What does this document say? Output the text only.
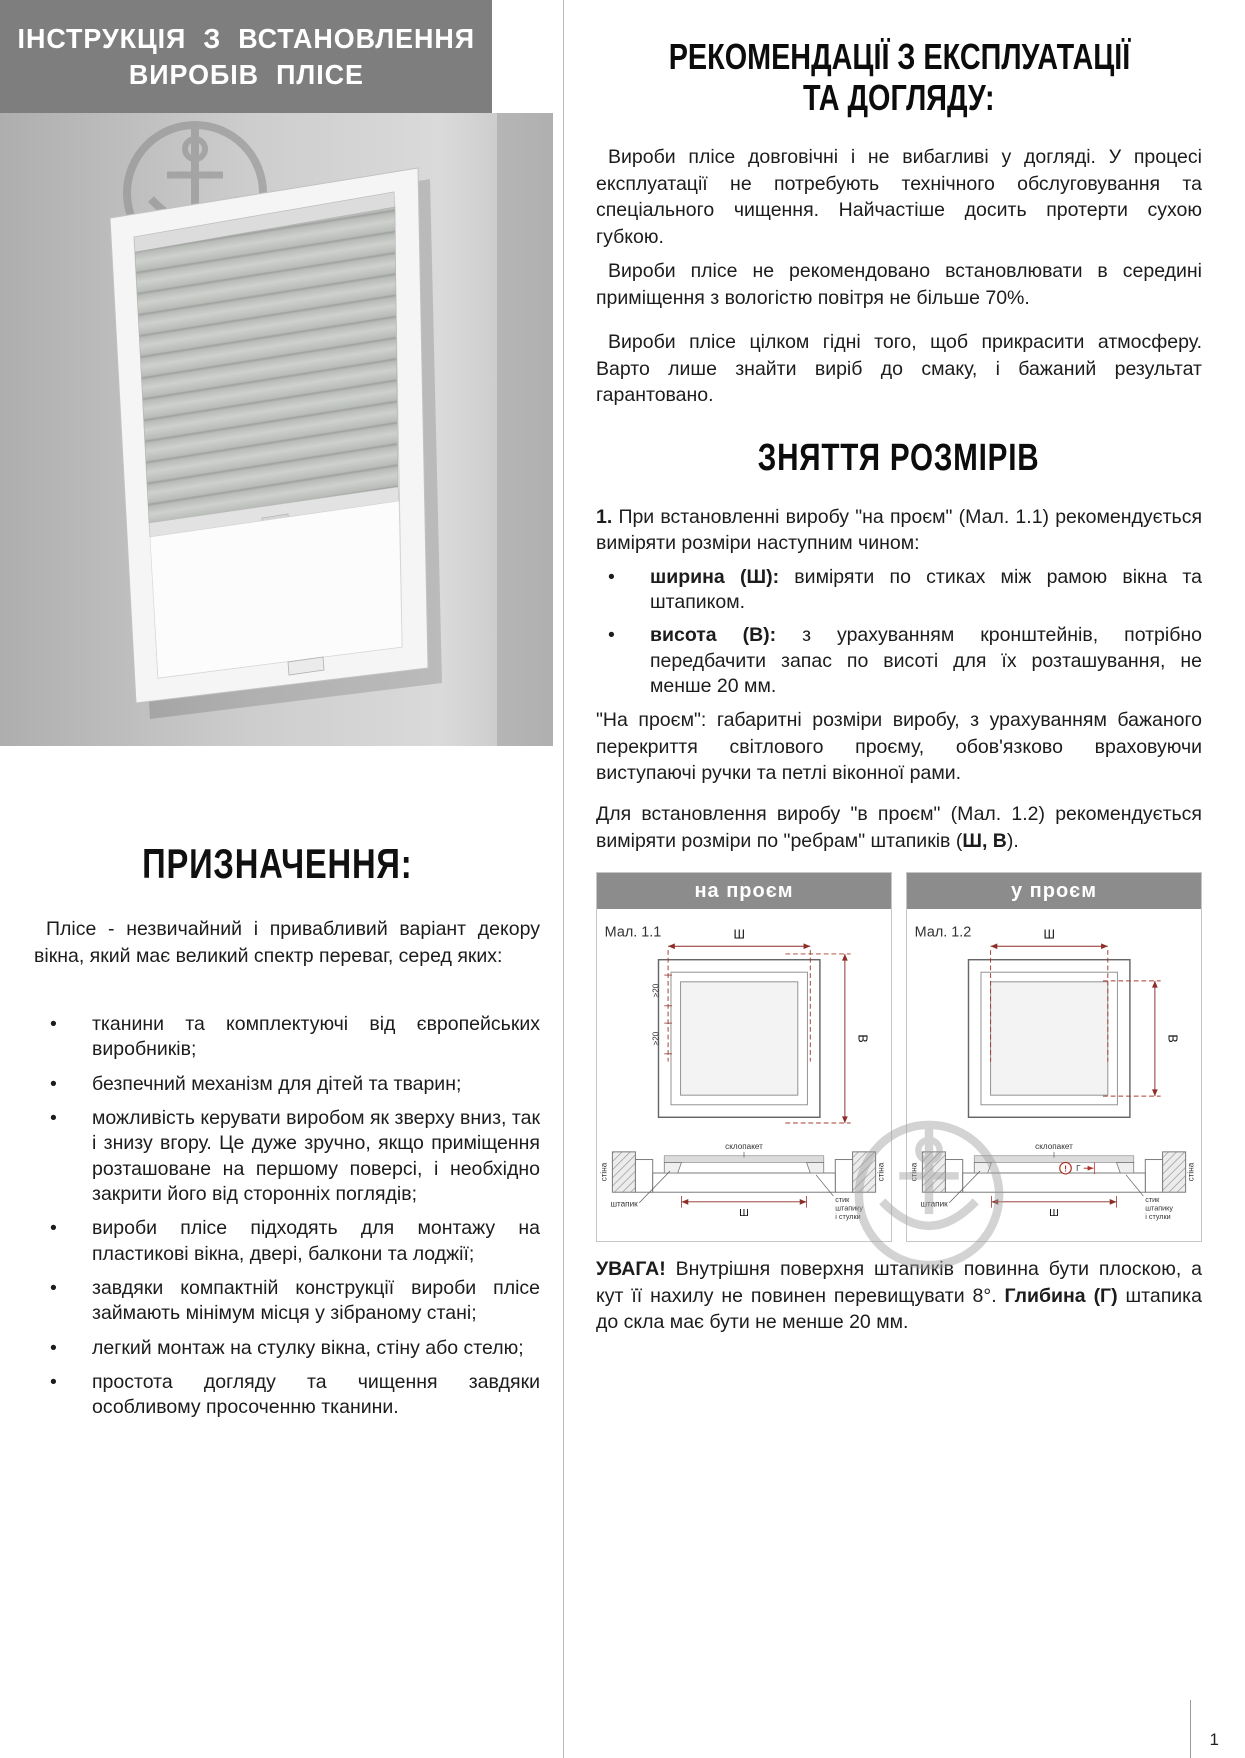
ІНСТРУКЦІЯ З ВСТАНОВЛЕННЯ
ВИРОБІВ ПЛІСЕ
ПРИЗНАЧЕННЯ:

Плісе - незвичайний і привабливий варіант декору вікна, який має великий спектр переваг, серед яких:

• тканини та комплектуючі від європейських виробників;
• безпечний механізм для дітей та тварин;
• можливість керувати виробом як зверху вниз, так і знизу вгору. Це дуже зручно, якщо приміщення розташоване на першому поверсі, і необхідно закрити його від сторонніх поглядів;
• вироби плісе підходять для монтажу на пластикові вікна, двері, балкони та лоджії;
• завдяки компактній конструкції вироби плісе займають мінімум місця у зібраному стані;
• легкий монтаж на стулку вікна, стіну або стелю;
• простота догляду та чищення завдяки особливому просоченню тканини.
РЕКОМЕНДАЦІЇ З ЕКСПЛУАТАЦІЇ
ТА ДОГЛЯДУ:

Вироби плісе довговічні і не вибагливі у догляді. У процесі експлуатації не потребують технічного обслуговування та спеціального чищення. Найчастіше досить протерти сухою губкою.

Вироби плісе не рекомендовано встановлювати в середині приміщення з вологістю повітря не більше 70%.

Вироби плісе цілком гідні того, щоб прикрасити атмосферу. Варто лише знайти виріб до смаку, і бажаний результат гарантовано.

ЗНЯТТЯ РОЗМІРІВ

1. При встановленні виробу "на проєм" (Мал. 1.1) рекомендується виміряти розміри наступним чином:

• ширина (Ш): виміряти по стиках між рамою вікна та штапиком.
• висота (В): з урахуванням кронштейнів, потрібно передбачити запас по висоті для їх розташування, не менше 20 мм.

"На проєм": габаритні розміри виробу, з урахуванням бажаного перекриття світлового проєму, обов'язково враховуючи виступаючі ручки та петлі віконної рами.

Для встановлення виробу "в проєм" (Мал. 1.2) рекомендується виміряти розміри по "ребрам" штапиків (Ш, В).

на проєм
Мал. 1.1	Ш
≥20
≥20	В
склопакет
штапик
стіна	стіна
Ш
стик
штапику
і стулки
у проєм
Мал. 1.2	Ш
В
! Г
склопакет
штапик
стіна	стіна
Ш
стик
штапику
і стулки

УВАГА! Внутрішня поверхня штапиків повинна бути плоскою, а кут її нахилу не повинен перевищувати 8°. Глибина (Г) штапика до скла має бути не менше 20 мм.

1
